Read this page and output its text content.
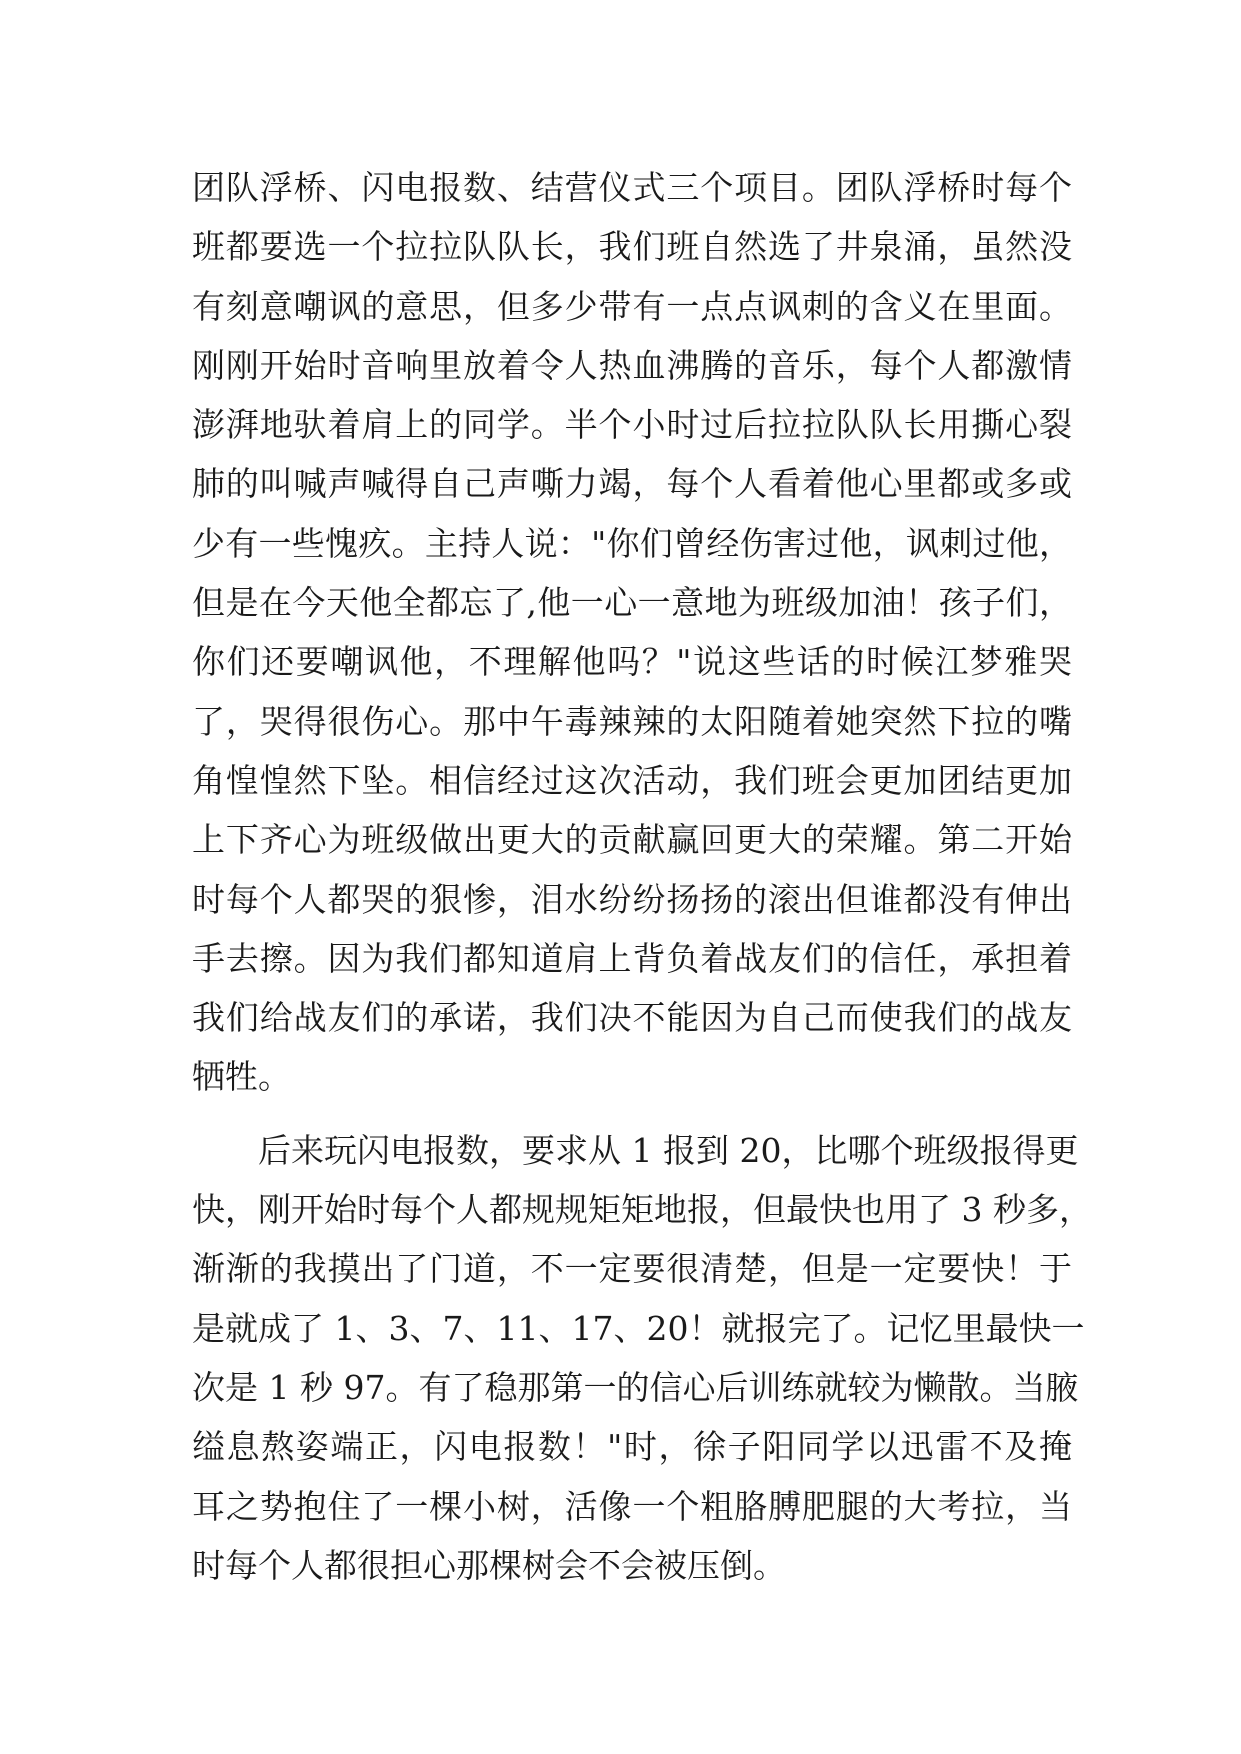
团队浮桥、闪电报数、结营仪式三个项目。团队浮桥时每个
班都要选一个拉拉队队长，我们班自然选了井泉涌，虽然没
有刻意嘲讽的意思，但多少带有一点点讽刺的含义在里面。
刚刚开始时音响里放着令人热血沸腾的音乐，每个人都激情
澎湃地驮着肩上的同学。半个小时过后拉拉队队长用撕心裂
肺的叫喊声喊得自己声嘶力竭，每个人看着他心里都或多或
少有一些愧疚。主持人说："你们曾经伤害过他，讽刺过他，
但是在今天他全都忘了,他一心一意地为班级加油！孩子们，
你们还要嘲讽他，不理解他吗？"说这些话的时候江梦雅哭
了，哭得很伤心。那中午毒辣辣的太阳随着她突然下拉的嘴
角惶惶然下坠。相信经过这次活动，我们班会更加团结更加
上下齐心为班级做出更大的贡献赢回更大的荣耀。第二开始
时每个人都哭的狠惨，泪水纷纷扬扬的滚出但谁都没有伸出
手去擦。因为我们都知道肩上背负着战友们的信任，承担着
我们给战友们的承诺，我们决不能因为自己而使我们的战友
牺牲。
后来玩闪电报数，要求从 1 报到 20，比哪个班级报得更
快，刚开始时每个人都规规矩矩地报，但最快也用了 3 秒多，
渐渐的我摸出了门道，不一定要很清楚，但是一定要快！于
是就成了 1、3、7、11、17、20！就报完了。记忆里最快一
次是 1 秒 97。有了稳那第一的信心后训练就较为懒散。当腋
缢息熬姿端正，闪电报数！"时，徐子阳同学以迅雷不及掩
耳之势抱住了一棵小树，活像一个粗胳膊肥腿的大考拉，当
时每个人都很担心那棵树会不会被压倒。
